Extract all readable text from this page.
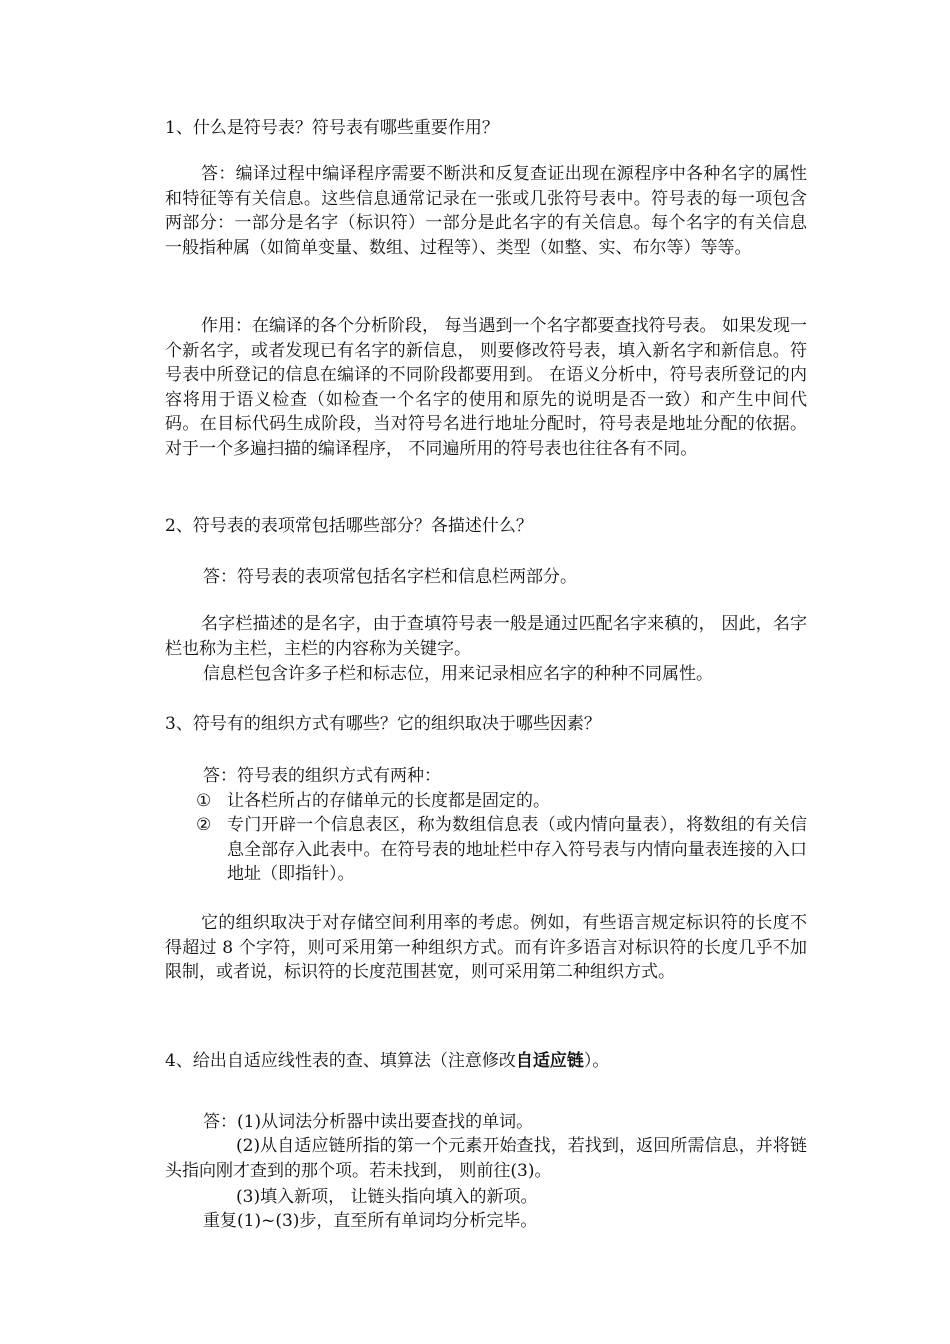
1、什么是符号表？符号表有哪些重要作用？
答：编译过程中编译程序需要不断洪和反复查证出现在源程序中各种名字的属性和特征等有关信息。这些信息通常记录在一张或几张符号表中。符号表的每一项包含两部分：一部分是名字（标识符）一部分是此名字的有关信息。每个名字的有关信息一般指种属（如简单变量、数组、过程等）、类型（如整、实、布尔等）等等。
作用：在编译的各个分析阶段， 每当遇到一个名字都要查找符号表。 如果发现一个新名字，或者发现已有名字的新信息， 则要修改符号表，填入新名字和新信息。符号表中所登记的信息在编译的不同阶段都要用到。 在语义分析中，符号表所登记的内容将用于语义检查（如检查一个名字的使用和原先的说明是否一致）和产生中间代码。在目标代码生成阶段，当对符号名进行地址分配时，符号表是地址分配的依据。 对于一个多遍扫描的编译程序， 不同遍所用的符号表也往往各有不同。
2、符号表的表项常包括哪些部分？各描述什么？
答：符号表的表项常包括名字栏和信息栏两部分。
名字栏描述的是名字，由于查填符号表一般是通过匹配名字来稹的， 因此，名字栏也称为主栏，主栏的内容称为关键字。
信息栏包含许多子栏和标志位，用来记录相应名字的种种不同属性。
3、符号有的组织方式有哪些？它的组织取决于哪些因素？
答：符号表的组织方式有两种：
① 让各栏所占的存储单元的长度都是固定的。
② 专门开辟一个信息表区，称为数组信息表（或内情向量表），将数组的有关信息全部存入此表中。在符号表的地址栏中存入符号表与内情向量表连接的入口地址（即指针）。
它的组织取决于对存储空间利用率的考虑。例如，有些语言规定标识符的长度不得超过 8 个字符，则可采用第一种组织方式。而有许多语言对标识符的长度几乎不加限制，或者说，标识符的长度范围甚宽，则可采用第二种组织方式。
4、给出自适应线性表的查、填算法（注意修改自适应链）。
答：(1)从词法分析器中读出要查找的单词。
(2)从自适应链所指的第一个元素开始查找，若找到，返回所需信息，并将链头指向刚才查到的那个项。若未找到， 则前往(3)。
(3)填入新项， 让链头指向填入的新项。
重复(1)~(3)步，直至所有单词均分析完毕。
